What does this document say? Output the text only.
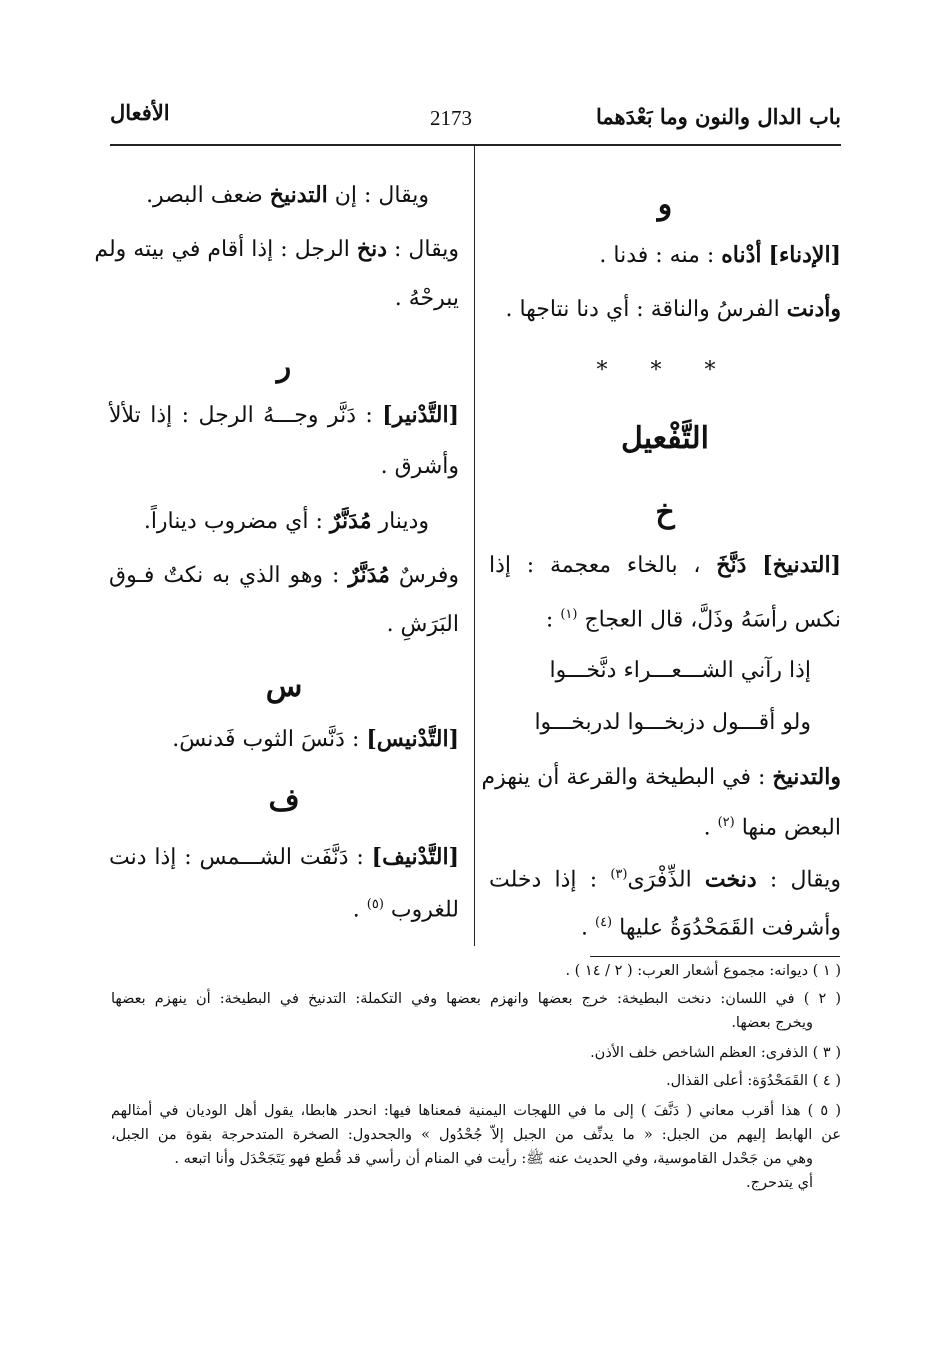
باب الدال والنون وما بَعْدَهما
2173
الأفعال
و
[الإدناء] أدْناه : منه : فدنا .
وأدنت الفرسُ والناقة : أي دنا نتاجها .
* * *
التَّفْعيل
خ
[التدنيخ] دَنَّخَ ، بالخاء معجمة : إذا
نكس رأسَهُ وذَلَّ، قال العجاج $^{(١)}$ :
إذا رآني الشـــعـــراء دنَّخـــوا
ولو أقـــول دزبخـــوا لدربخـــوا
والتدنيخ : في البطيخة والقرعة أن ينهزم
البعض منها $^{(٢)}$ .
ويقال : دنخت الذِّفْرَى$^{(٣)}$ : إذا دخلت
وأشرفت القَمَحْدُوَةُ عليها $^{(٤)}$ .
ويقال : إن التدنيخ ضعف البصر.
ويقال : دنخ الرجل : إذا أقام في بيته ولم
يبرحْهُ .
ر
[التَّدْنير] : دَنَّر وجـــهُ الرجل : إذا تلألأ
وأشرق .
ودينار مُدَنَّرٌ : أي مضروب ديناراً.
وفرسٌ مُدَنَّرٌ : وهو الذي به نكتٌ فـوق
البَرَشِ .
س
[التَّدْنيس] : دَنَّسَ الثوب فَدنسَ.
ف
[التَّدْنيف] : دَنَّفَت الشـــمس : إذا دنت
للغروب $^{(٥)}$ .
( ١ ) ديوانه: مجموع أشعار العرب: ( ٢ / ١٤ ) .
( ٢ ) في اللسان: دنخت البطيخة: خرج بعضها وانهزم بعضها وفي التكملة: التدنيخ في البطيخة: أن ينهزم بعضها
ويخرج بعضها.
( ٣ ) الذفرى: العظم الشاخص خلف الأذن.
( ٤ ) القَمَحْدُوَة: أعلى القذال.
( ٥ ) هذا أقرب معاني ( دَنَّفَ ) إلى ما في اللهجات اليمنية فمعناها فيها: انحدر هابطا، يقول أهل الوديان في أمثالهم
عن الهابط إليهم من الجبل: « ما يدنِّف من الجبل إلاّ جُحْدُول » والجحدول: الصخرة المتدحرجة بقوة من الجبل،
وهي من جَحْدل القاموسية، وفي الحديث عنه ﷺ: رأيت في المنام أن رأسي قد قُطع فهو يَتَجَحْدَل وأنا اتبعه .
أي يتدحرج.
